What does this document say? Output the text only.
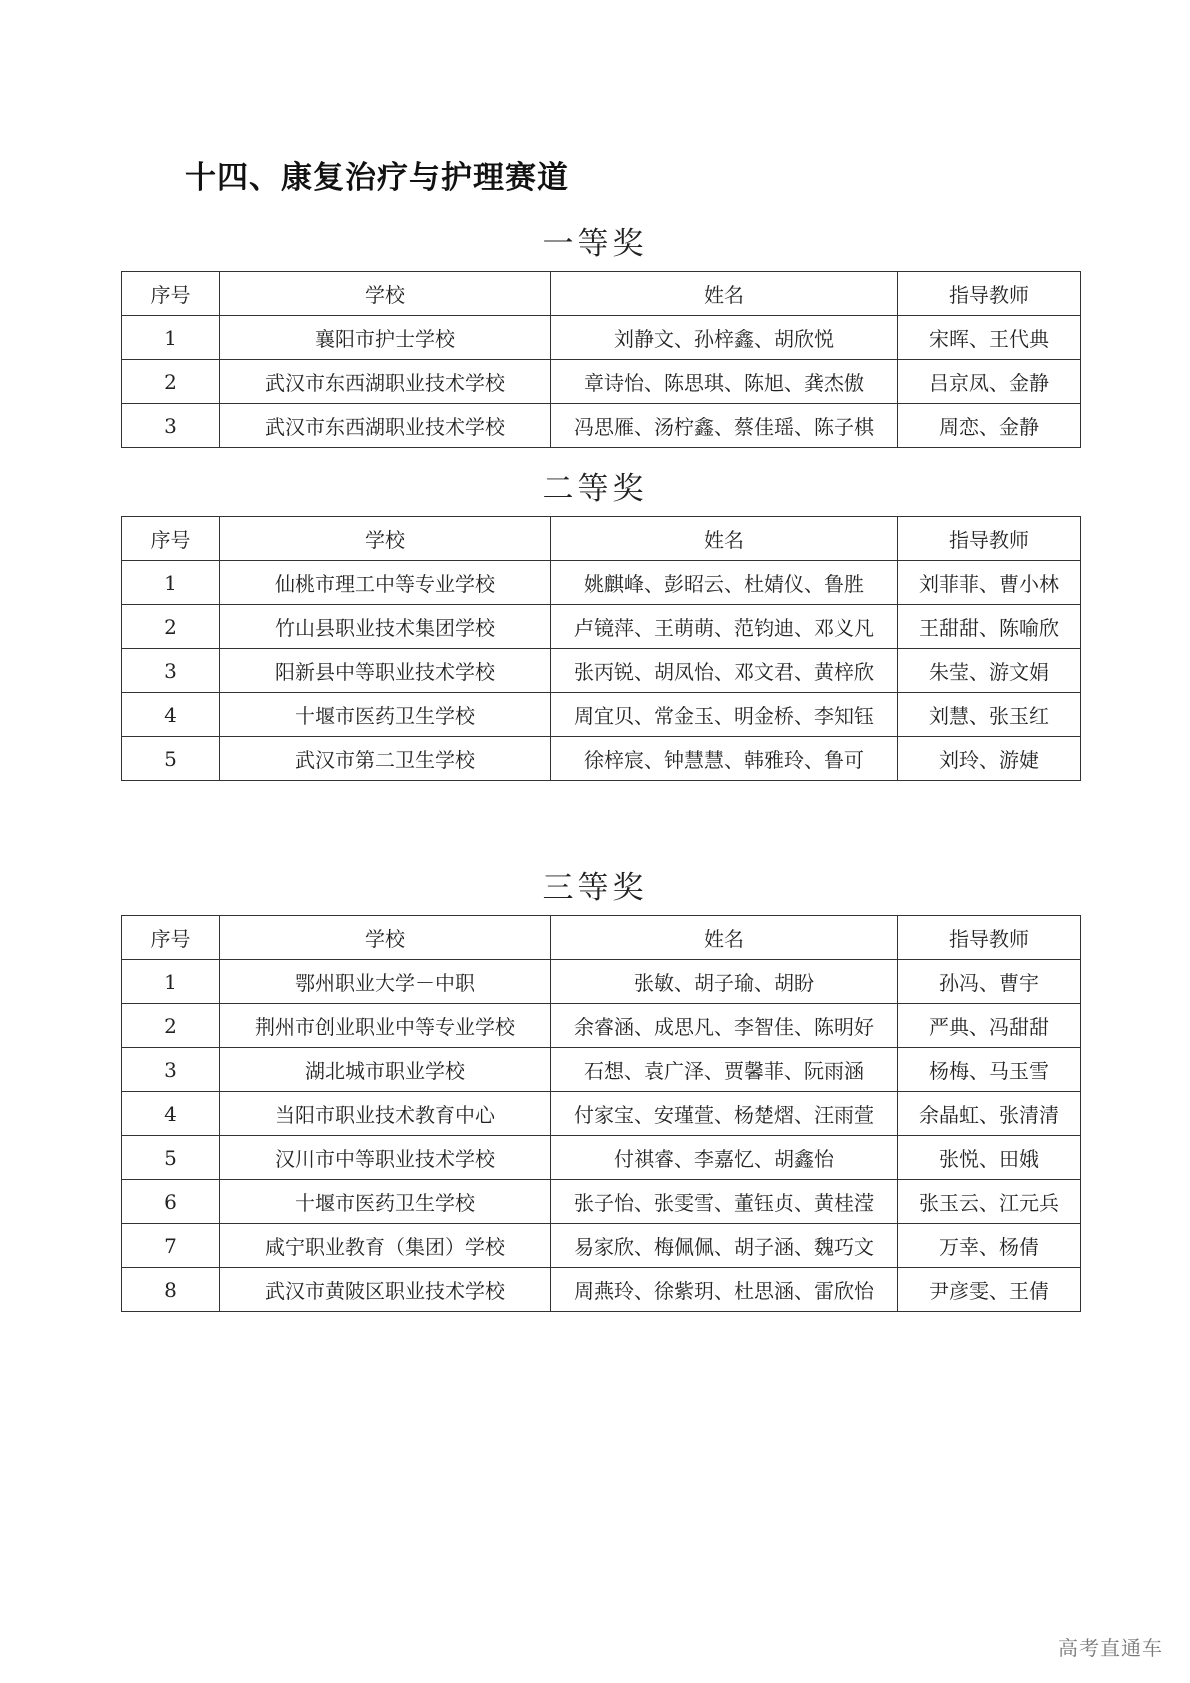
十四、康复治疗与护理赛道
一等奖
序号	学校	姓名	指导教师
1	襄阳市护士学校	刘静文、孙梓鑫、胡欣悦	宋晖、王代典
2	武汉市东西湖职业技术学校	章诗怡、陈思琪、陈旭、龚杰傲	吕京凤、金静
3	武汉市东西湖职业技术学校	冯思雁、汤柠鑫、蔡佳瑶、陈子棋	周恋、金静
二等奖
序号	学校	姓名	指导教师
1	仙桃市理工中等专业学校	姚麒峰、彭昭云、杜婧仪、鲁胜	刘菲菲、曹小林
2	竹山县职业技术集团学校	卢镜萍、王萌萌、范钧迪、邓义凡	王甜甜、陈喻欣
3	阳新县中等职业技术学校	张丙锐、胡凤怡、邓文君、黄梓欣	朱莹、游文娟
4	十堰市医药卫生学校	周宜贝、常金玉、明金桥、李知钰	刘慧、张玉红
5	武汉市第二卫生学校	徐梓宸、钟慧慧、韩雅玲、鲁可	刘玲、游婕
三等奖
序号	学校	姓名	指导教师
1	鄂州职业大学－中职	张敏、胡子瑜、胡盼	孙冯、曹宇
2	荆州市创业职业中等专业学校	余睿涵、成思凡、李智佳、陈明好	严典、冯甜甜
3	湖北城市职业学校	石想、袁广泽、贾馨菲、阮雨涵	杨梅、马玉雪
4	当阳市职业技术教育中心	付家宝、安瑾萱、杨楚熠、汪雨萱	余晶虹、张清清
5	汉川市中等职业技术学校	付祺睿、李嘉忆、胡鑫怡	张悦、田娥
6	十堰市医药卫生学校	张子怡、张雯雪、董钰贞、黄桂滢	张玉云、江元兵
7	咸宁职业教育（集团）学校	易家欣、梅佩佩、胡子涵、魏巧文	万幸、杨倩
8	武汉市黄陂区职业技术学校	周燕玲、徐紫玥、杜思涵、雷欣怡	尹彦雯、王倩
高考直通车
